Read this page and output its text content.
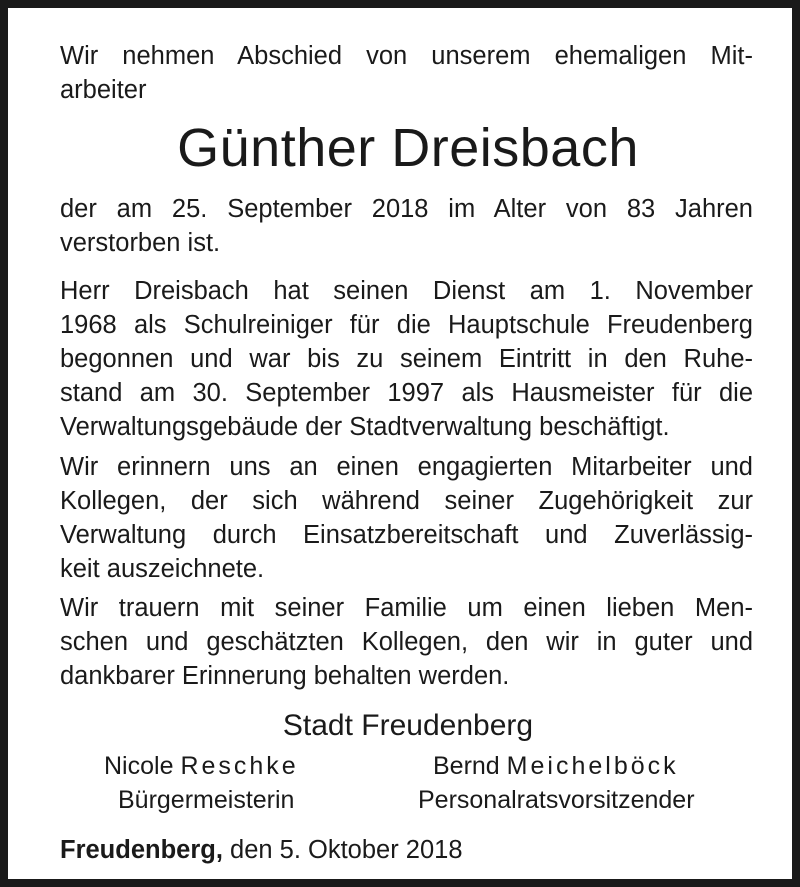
Wir nehmen Abschied von unserem ehemaligen Mit-
arbeiter
Günther Dreisbach
der am 25. September 2018 im Alter von 83 Jahren
verstorben ist.
Herr Dreisbach hat seinen Dienst am 1. November
1968 als Schulreiniger für die Hauptschule Freudenberg
begonnen und war bis zu seinem Eintritt in den Ruhe-
stand am 30. September 1997 als Hausmeister für die
Verwaltungsgebäude der Stadtverwaltung beschäftigt.
Wir erinnern uns an einen engagierten Mitarbeiter und
Kollegen, der sich während seiner Zugehörigkeit zur
Verwaltung durch Einsatzbereitschaft und Zuverlässig-
keit auszeichnete.
Wir trauern mit seiner Familie um einen lieben Men-
schen und geschätzten Kollegen, den wir in guter und
dankbarer Erinnerung behalten werden.
Stadt Freudenberg
Nicole Reschke
Bürgermeisterin
Bernd Meichelböck
Personalratsvorsitzender
Freudenberg, den 5. Oktober 2018
